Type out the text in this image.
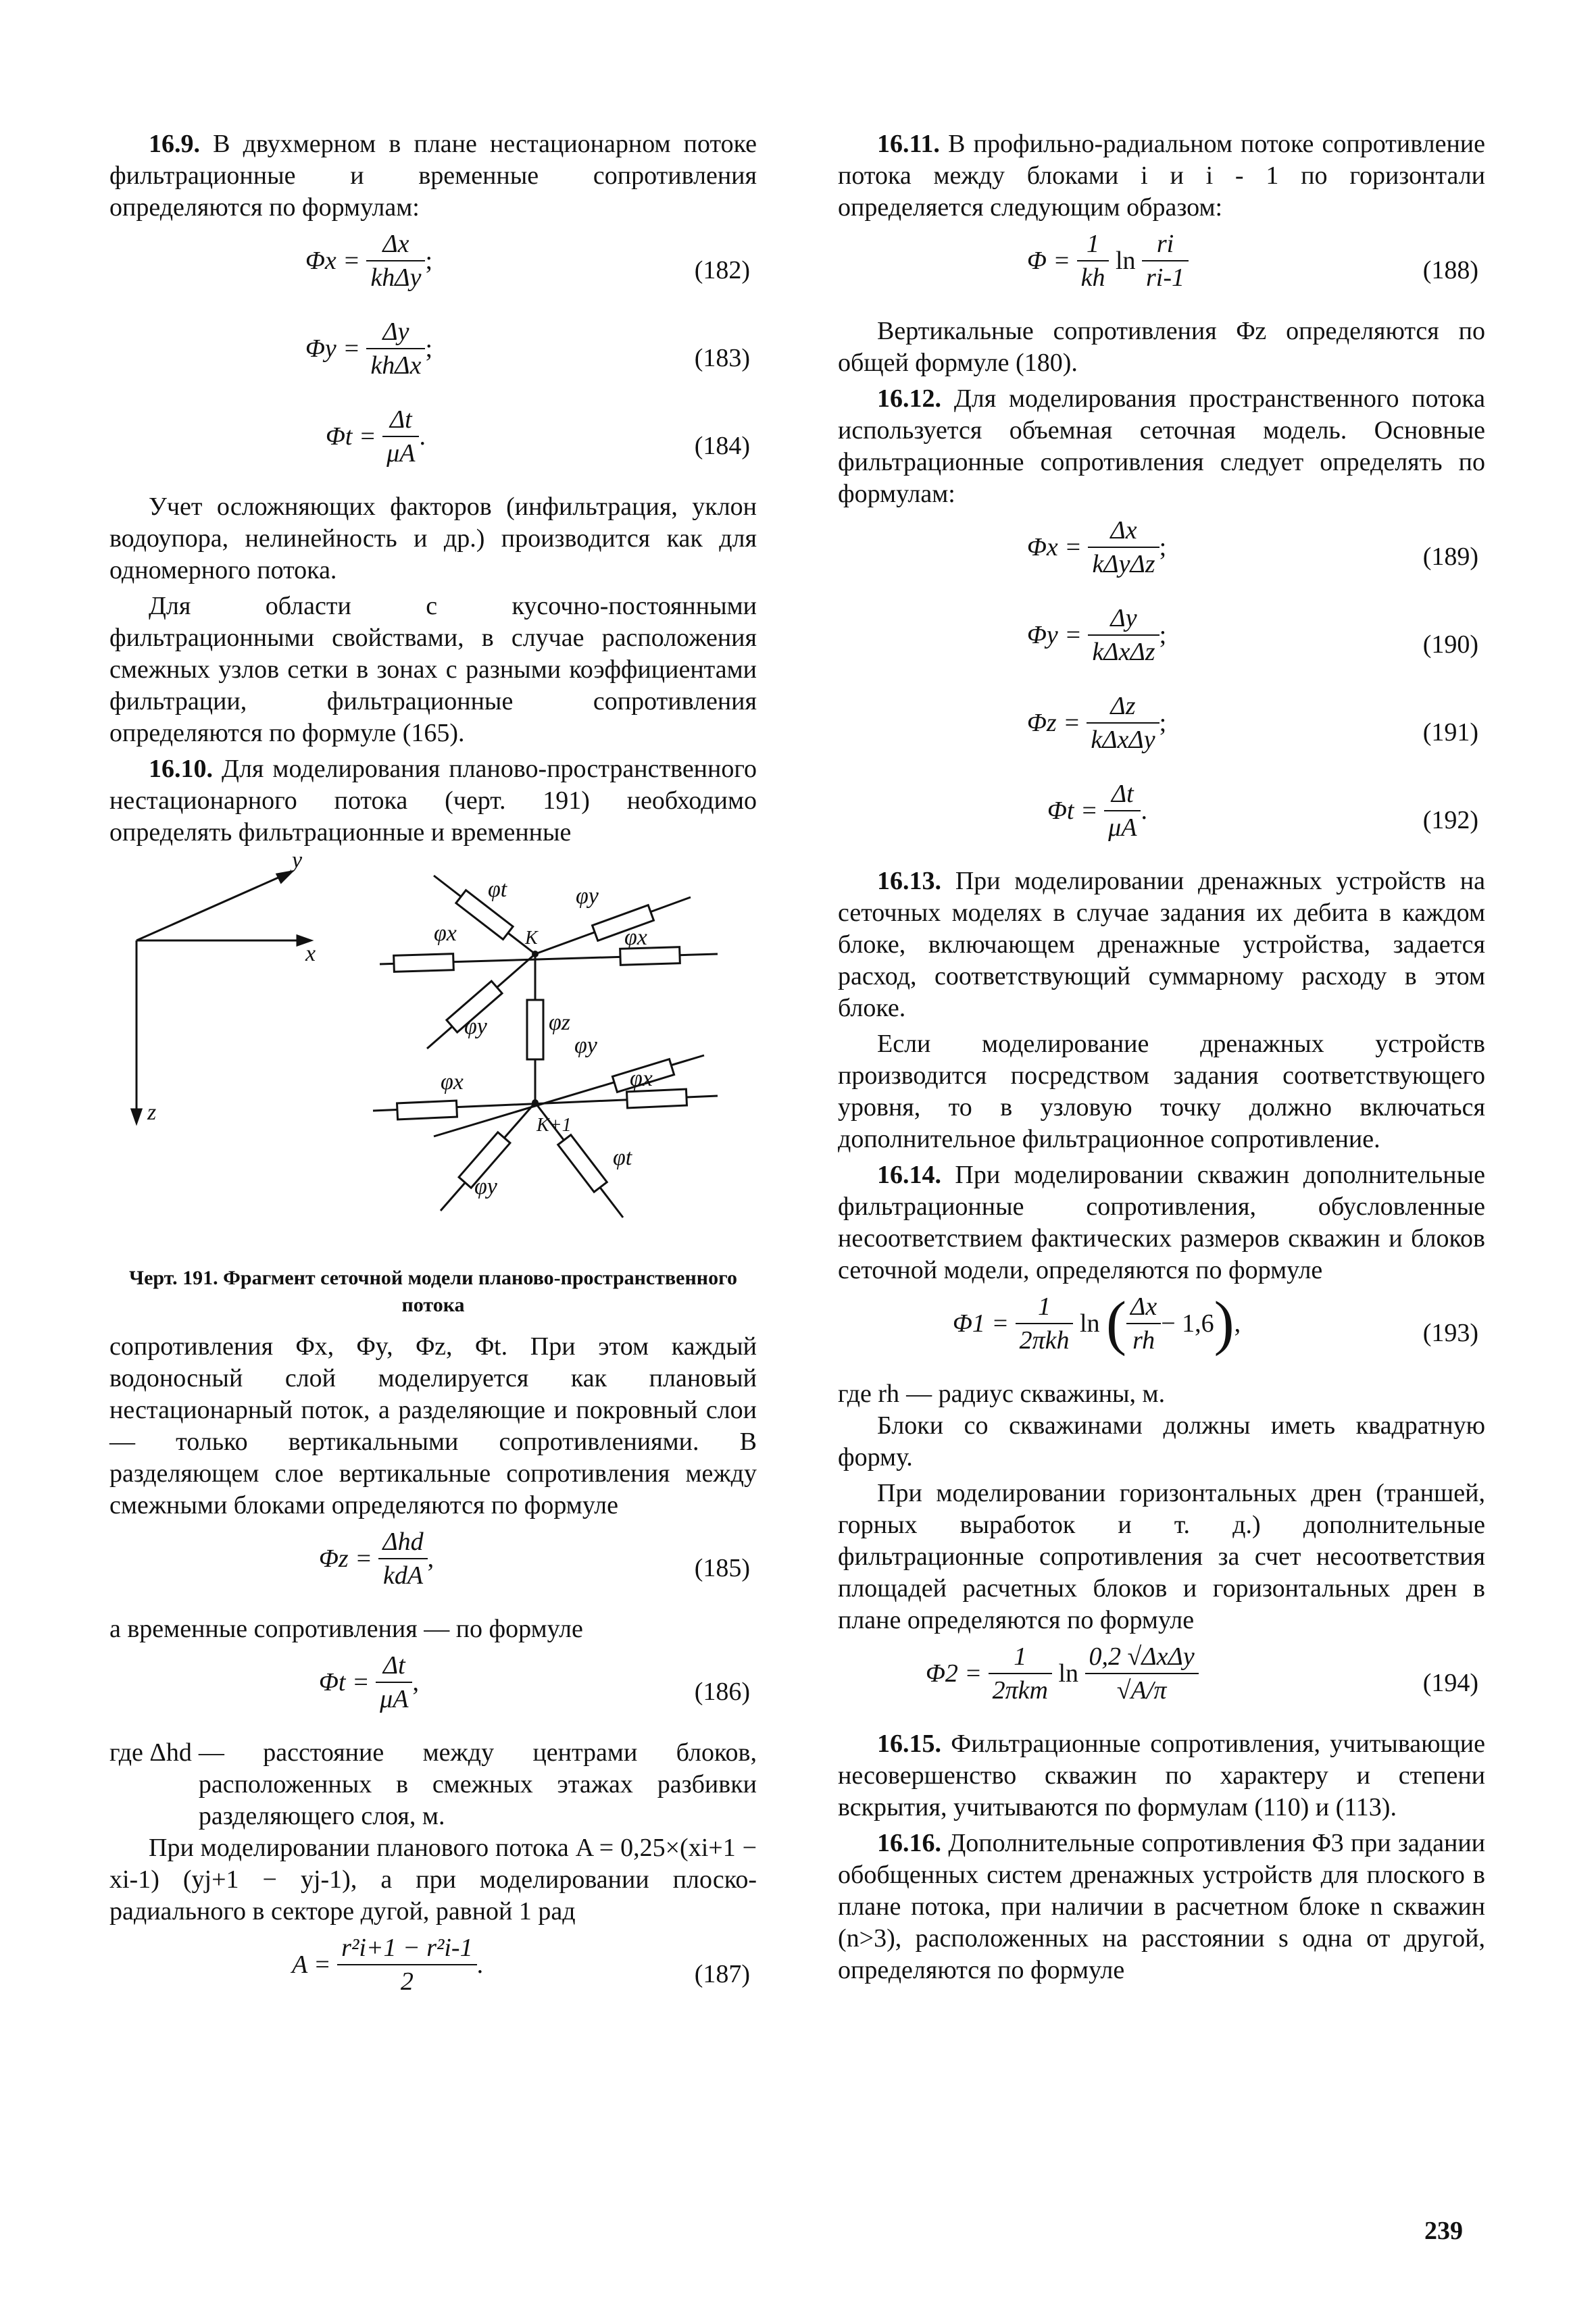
16.9. В двухмерном в плане нестационарном потоке фильтрационные и временные сопротивления определяются по формулам:

Φx =
$\frac{\Delta x}{\text{khΔy}}$ ;	(182)
Φy =
$\frac{\Delta y}{\text{khΔx}}$ ;	(183)
Φt =
$\frac{\Delta t}{\mu A}$ .	(184)

Учет осложняющих факторов (инфильтрация, уклон водоупора, нелинейность и др.) производится как для одномерного потока.

Для области с кусочно-постоянными фильтрационными свойствами, в случае расположения смежных узлов сетки в зонах с разными коэффициентами фильтрации, фильтрационные сопротивления определяются по формуле (165).

16.10. Для моделирования планово-пространственного нестационарного потока (черт. 191) необходимо определять фильтрационные и временные

y
x
z
K
K+1
φt	φy
φx	φx
φy	φz
φy
φx	φx
φy
φt

Черт. 191. Фрагмент сеточной модели планово-пространственного потока

сопротивления Φx, Φy, Φz, Φt. При этом каждый водоносный слой моделируется как плановый нестационарный поток, а разделяющие и покровный слои — только вертикальными сопротивлениями. В разделяющем слое вертикальные сопротивления между смежными блоками определяются по формуле

Φz =
$\frac{\text{Δhd}}{\text{kdA}}$ ,	(185)

а временные сопротивления — по формуле

Φt =
$\frac{\Delta t}{\mu A}$ ,	(186)
где Δhd — расстояние между центрами блоков, расположенных в смежных этажах разбивки разделяющего слоя, м.

При моделировании планового потока A = 0,25×(xi+1 − xi-1) (yj+1 − yj-1), а при моделировании плоско-радиального в секторе дугой, равной 1 рад

A =
$\frac{\text{r²i+1 − r²i-1}}{2}$ .	(187)

16.11. В профильно-радиальном потоке сопротивление потока между блоками i и i - 1 по горизонтали определяется следующим образом:

Φ =
$\frac{1}{kh}$
ln
$\frac{ri}{ri-1}$	(188)

Вертикальные сопротивления Φz определяются по общей формуле (180).

16.12. Для моделирования пространственного потока используется объемная сеточная модель. Основные фильтрационные сопротивления следует определять по формулам:

Φx =
$\frac{\Delta x}{\text{kΔyΔz}}$ ;	(189)
Φy =
$\frac{\Delta y}{\text{kΔxΔz}}$ ;	(190)
Φz =
$\frac{\Delta z}{\text{kΔxΔy}}$ ;	(191)
Φt =
$\frac{\Delta t}{\mu A}$ .	(192)

16.13. При моделировании дренажных устройств на сеточных моделях в случае задания их дебита в каждом блоке, включающем дренажные устройства, задается расход, соответствующий суммарному расходу в этом блоке.

Если моделирование дренажных устройств производится посредством задания соответствующего уровня, то в узловую точку должно включаться дополнительное фильтрационное сопротивление.

16.14. При моделировании скважин дополнительные фильтрационные сопротивления, обусловленные несоответствием фактических размеров скважин и блоков сеточной модели, определяются по формуле

Φ1 =
$\frac{1}{\text{2πkh}}$
ln
( $\frac{\Delta x}{rh} - 1,6$ ) ,	(193)
где rh — радиус скважины, м.

Блоки со скважинами должны иметь квадратную форму.

При моделировании горизонтальных дрен (траншей, горных выработок и т. д.) дополнительные фильтрационные сопротивления за счет несоответствия площадей расчетных блоков и горизонтальных дрен в плане определяются по формуле

Φ2 =
$\frac{1}{\text{2πkm}}$
ln
$\frac{\text{0,2 √ΔxΔy}}{√A/\pi}$	(194)

16.15. Фильтрационные сопротивления, учитывающие несовершенство скважин по характеру и степени вскрытия, учитываются по формулам (110) и (113).

16.16. Дополнительные сопротивления Φ3 при задании обобщенных систем дренажных устройств для плоского в плане потока, при наличии в расчетном блоке n скважин (n>3), расположенных на расстоянии s одна от другой, определяются по формуле

239
